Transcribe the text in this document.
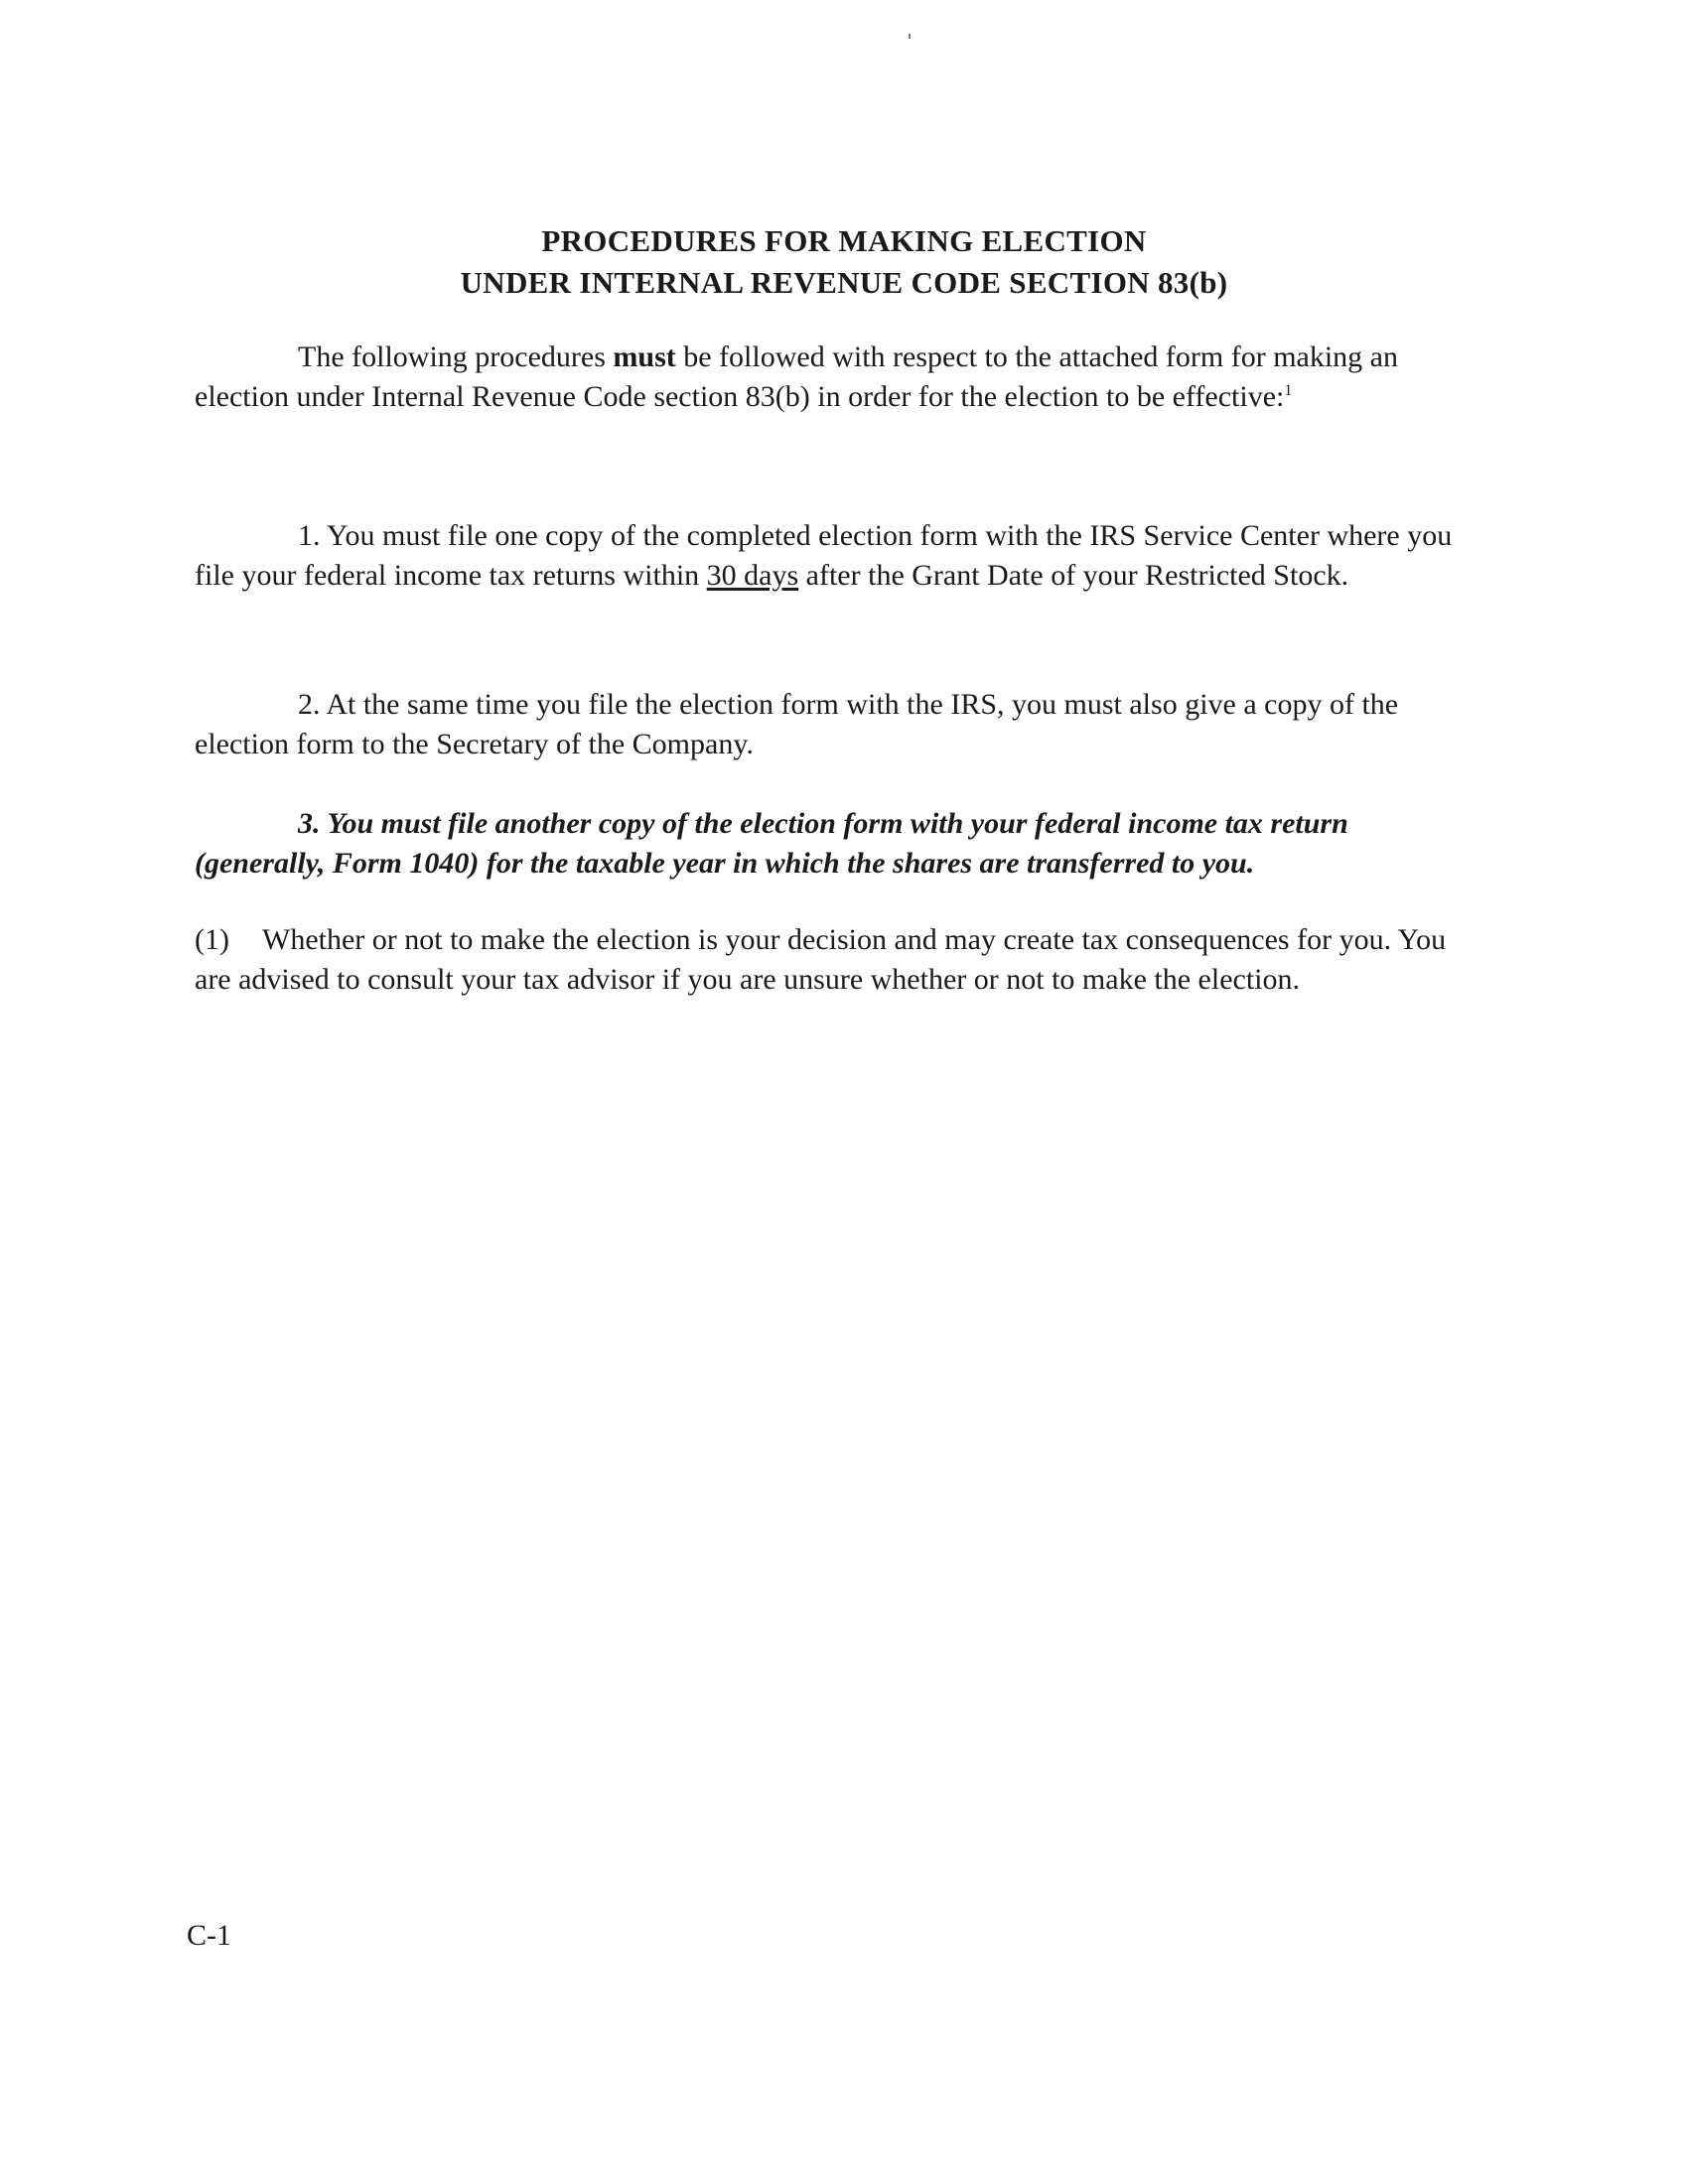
PROCEDURES FOR MAKING ELECTION
UNDER INTERNAL REVENUE CODE SECTION 83(b)
The following procedures must be followed with respect to the attached form for making an election under Internal Revenue Code section 83(b) in order for the election to be effective:$^1$
1. You must file one copy of the completed election form with the IRS Service Center where you file your federal income tax returns within 30 days after the Grant Date of your Restricted Stock.
2. At the same time you file the election form with the IRS, you must also give a copy of the election form to the Secretary of the Company.
3. You must file another copy of the election form with your federal income tax return (generally, Form 1040) for the taxable year in which the shares are transferred to you.
(1) Whether or not to make the election is your decision and may create tax consequences for you. You are advised to consult your tax advisor if you are unsure whether or not to make the election.
C-1
